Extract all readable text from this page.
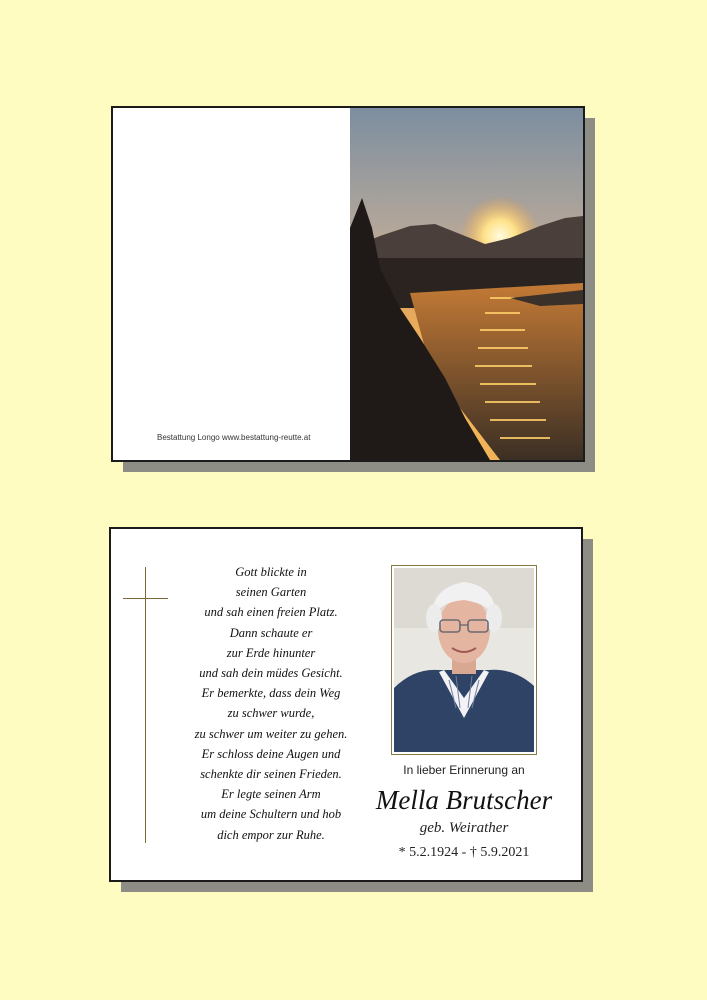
Bestattung Longo www.bestattung-reutte.at
Gott blickte in
seinen Garten
und sah einen freien Platz.
Dann schaute er
zur Erde hinunter
und sah dein müdes Gesicht.
Er bemerkte, dass dein Weg
zu schwer wurde,
zu schwer um weiter zu gehen.
Er schloss deine Augen und
schenkte dir seinen Frieden.
Er legte seinen Arm
um deine Schultern und hob
dich empor zur Ruhe.
In lieber Erinnerung an
Mella Brutscher
geb. Weirather
* 5.2.1924 - † 5.9.2021
